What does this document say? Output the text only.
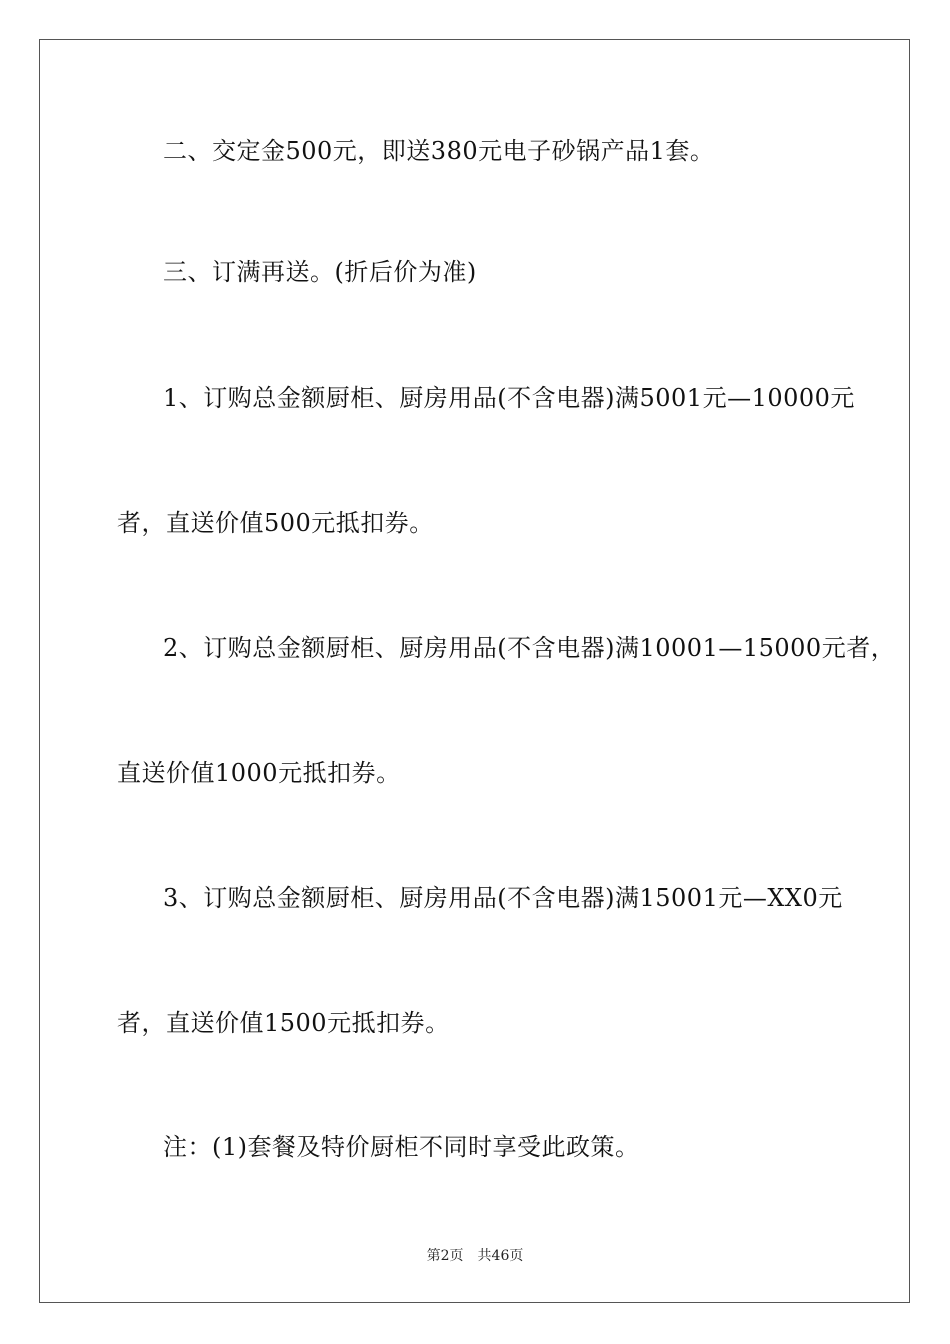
二、交定金500元，即送380元电子砂锅产品1套。
三、订满再送。(折后价为准)
1、订购总金额厨柜、厨房用品(不含电器)满5001元—10000元
者，直送价值500元抵扣券。
2、订购总金额厨柜、厨房用品(不含电器)满10001—15000元者，
直送价值1000元抵扣券。
3、订购总金额厨柜、厨房用品(不含电器)满15001元—XX0元
者，直送价值1500元抵扣券。
注：(1)套餐及特价厨柜不同时享受此政策。
第2页　共46页
